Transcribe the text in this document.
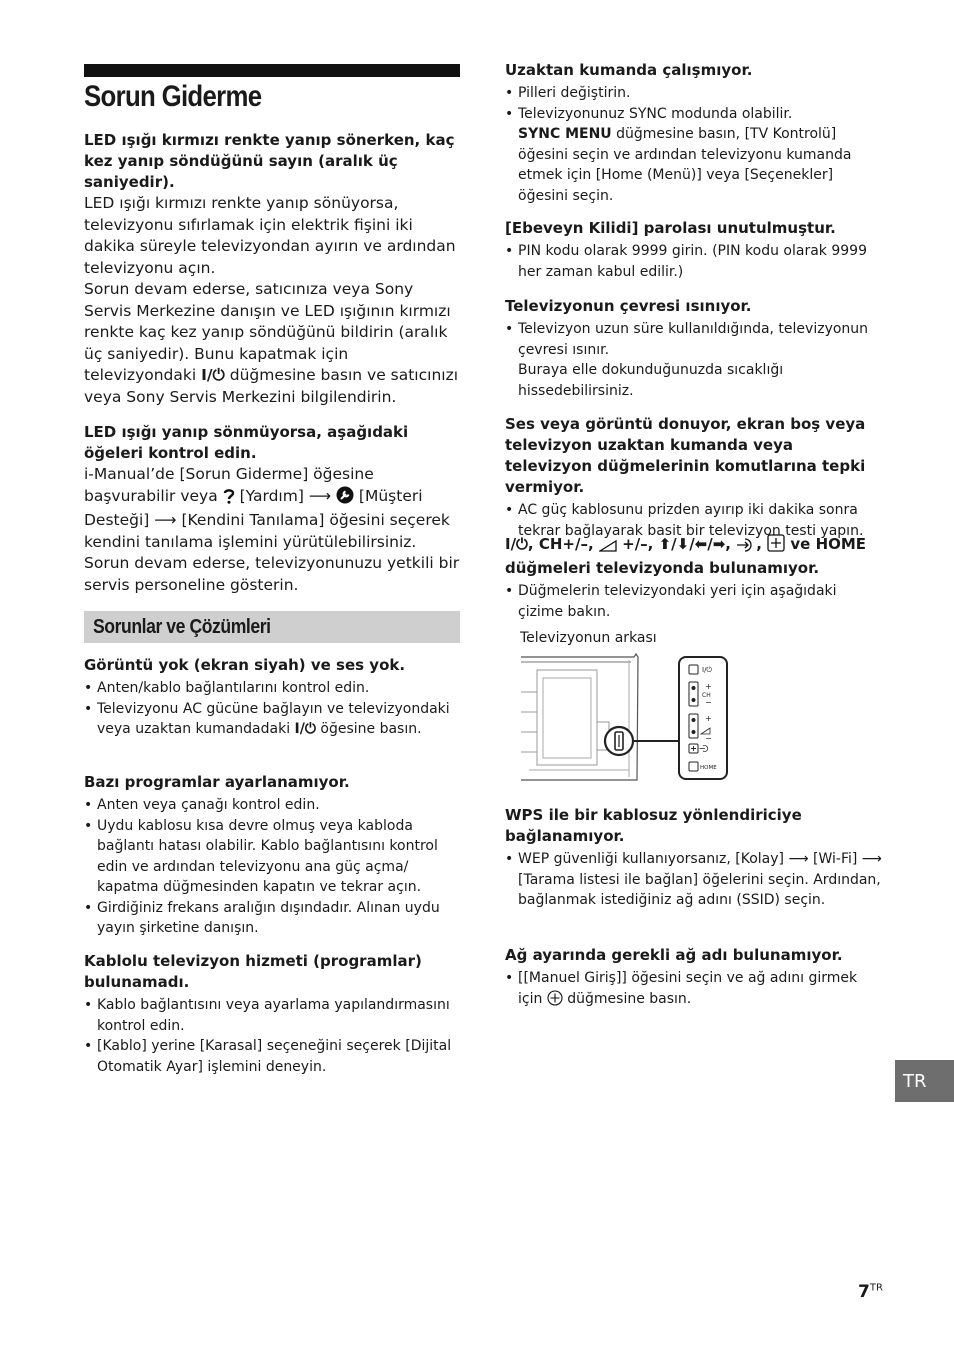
Sorun Giderme

LED ışığı kırmızı renkte yanıp sönerken, kaç kez yanıp söndüğünü sayın (aralık üç saniyedir).

LED ışığı kırmızı renkte yanıp sönüyorsa, televizyonu sıfırlamak için elektrik fişini iki dakika süreyle televizyondan ayırın ve ardından televizyonu açın.

Sorun devam ederse, satıcınıza veya Sony Servis Merkezine danışın ve LED ışığının kırmızı renkte kaç kez yanıp söndüğünü bildirin (aralık üç saniyedir). Bunu kapatmak için televizyondaki I/⏻ düğmesine basın ve satıcınızı veya Sony Servis Merkezini bilgilendirin.

LED ışığı yanıp sönmüyorsa, aşağıdaki öğeleri kontrol edin.

i-Manual’de [Sorun Giderme] öğesine başvurabilir veya [Yardım] ⟶ [Müşteri Desteği] ⟶ [Kendini Tanılama] öğesini seçerek kendini tanılama işlemini yürütülebilirsiniz.

Sorun devam ederse, televizyonunuzu yetkili bir servis personeline gösterin.

Sorunlar ve Çözümleri

Görüntü yok (ekran siyah) ve ses yok.

• Anten/kablo bağlantılarını kontrol edin.
• Televizyonu AC gücüne bağlayın ve televizyondaki veya uzaktan kumandadaki I/⏻ öğesine basın.

Bazı programlar ayarlanamıyor.

• Anten veya çanağı kontrol edin.
• Uydu kablosu kısa devre olmuş veya kabloda bağlantı hatası olabilir. Kablo bağlantısını kontrol edin ve ardından televizyonu ana güç açma/ kapatma düğmesinden kapatın ve tekrar açın.
• Girdiğiniz frekans aralığın dışındadır. Alınan uydu yayın şirketine danışın.

Kablolu televizyon hizmeti (programlar) bulunamadı.

• Kablo bağlantısını veya ayarlama yapılandırmasını kontrol edin.
• [Kablo] yerine [Karasal] seçeneğini seçerek [Dijital Otomatik Ayar] işlemini deneyin.

Uzaktan kumanda çalışmıyor.

• Pilleri değiştirin.
• Televizyonunuz SYNC modunda olabilir.
SYNC MENU düğmesine basın, [TV Kontrolü] öğesini seçin ve ardından televizyonu kumanda etmek için [Home (Menü)] veya [Seçenekler] öğesini seçin.

[Ebeveyn Kilidi] parolası unutulmuştur.

• PIN kodu olarak 9999 girin. (PIN kodu olarak 9999 her zaman kabul edilir.)

Televizyonun çevresi ısınıyor.

• Televizyon uzun süre kullanıldığında, televizyonun çevresi ısınır.
Buraya elle dokunduğunuzda sıcaklığı hissedebilirsiniz.

Ses veya görüntü donuyor, ekran boş veya televizyon uzaktan kumanda veya televizyon düğmelerinin komutlarına tepki vermiyor.

• AC güç kablosunu prizden ayırıp iki dakika sonra tekrar bağlayarak basit bir televizyon testi yapın.

I/⏻, CH+/–, +/–, ⬆/⬇/⬅/➡, ,  ve HOME düğmeleri televizyonda bulunamıyor.

• Düğmelerin televizyondaki yeri için aşağıdaki çizime bakın.
Televizyonun arkası
I/⏻
+
CH
−
+
−
HOME

WPS ile bir kablosuz yönlendiriciye bağlanamıyor.

• WEP güvenliği kullanıyorsanız, [Kolay] ⟶ [Wi-Fi] ⟶ [Tarama listesi ile bağlan] öğelerini seçin. Ardından, bağlanmak istediğiniz ağ adını (SSID) seçin.

Ağ ayarında gerekli ağ adı bulunamıyor.

• [[Manuel Giriş]] öğesini seçin ve ağ adını girmek için düğmesine basın.
TR
$7^{TR}$
